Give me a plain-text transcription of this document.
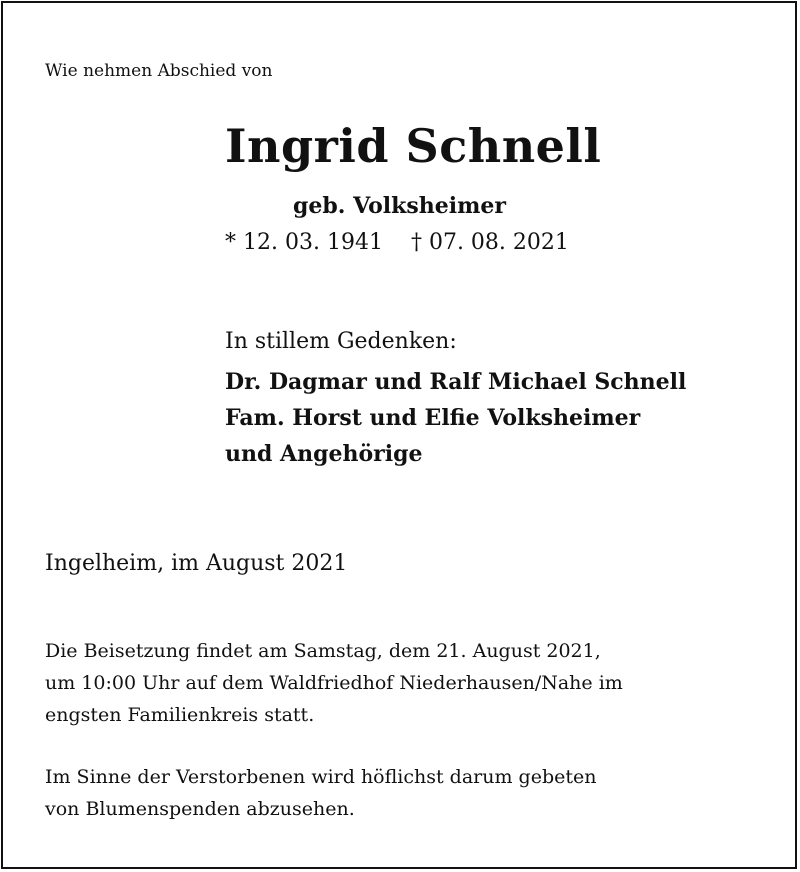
Wie nehmen Abschied von
Ingrid Schnell
geb. Volksheimer
* 12. 03. 1941 † 07. 08. 2021
In stillem Gedenken:
Dr. Dagmar und Ralf Michael Schnell
Fam. Horst und Elfie Volksheimer
und Angehörige
Ingelheim, im August 2021
Die Beisetzung findet am Samstag, dem 21. August 2021,
um 10:00 Uhr auf dem Waldfriedhof Niederhausen/Nahe im
engsten Familienkreis statt.
Im Sinne der Verstorbenen wird höflichst darum gebeten
von Blumenspenden abzusehen.
